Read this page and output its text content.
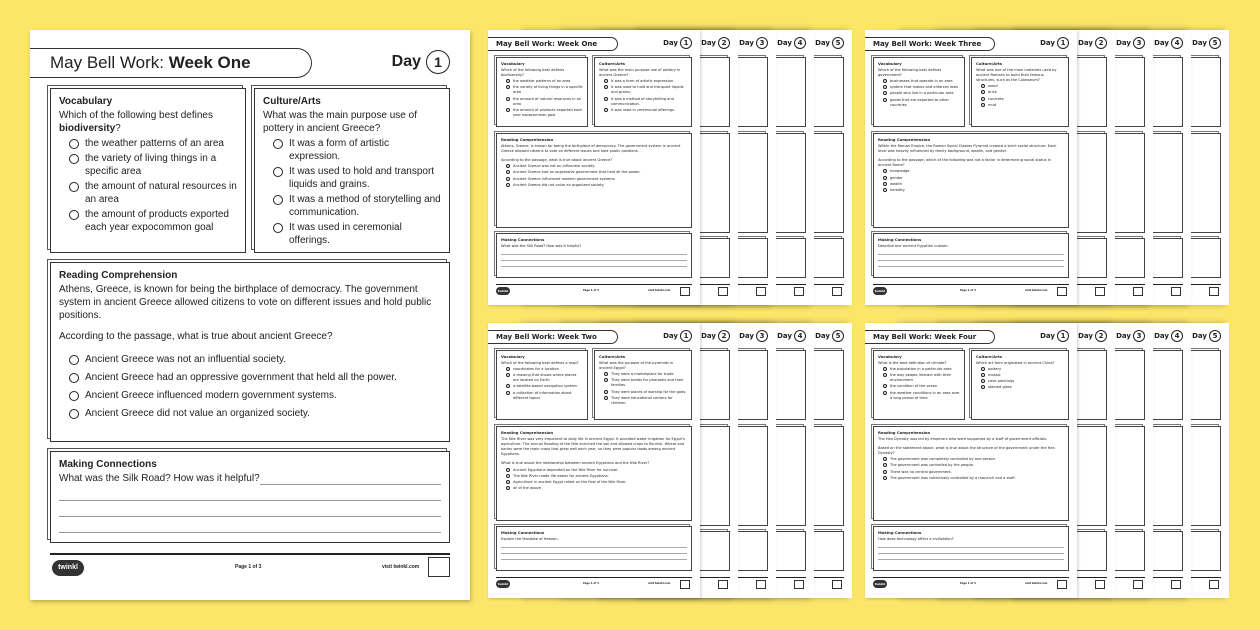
May Bell Work: Week One	Day 1
Vocabulary
Which of the following best defines
biodiversity?
the weather patterns of an area
the variety of living things in a specific area
the amount of natural resources in an area
the amount of products exported each year expocommon goal
Culture/Arts
What was the main purpose use of pottery in ancient Greece?
It was a form of artistic expression.
It was used to hold and transport liquids and grains.
It was a method of storytelling and communication.
It was used in ceremonial offerings.
Reading Comprehension

Athens, Greece, is known for being the birthplace of democracy. The government system in ancient Greece allowed citizens to vote on different issues and hold public positions.

According to the passage, what is true about ancient Greece?

Ancient Greece was not an influential society.
Ancient Greece had an oppressive government that held all the power.
Ancient Greece influenced modern government systems.
Ancient Greece did not value an organized society.
Making Connections
What was the Silk Road? How was it helpful?
twinkl	Page 1 of 3	visit twinkl.com
Day 5
Day 4
Day 3
Day 2
Day 1
May Bell Work: Week One
Vocabulary
Which of the following best defines biodiversity?
the weather patterns of an area
the variety of living things in a specific area
the amount of natural resources in an area
the amount of products exported each year expocommon goal
Culture/Arts
What was the main purpose use of pottery in ancient Greece?
It was a form of artistic expression.
It was used to hold and transport liquids and grains.
It was a method of storytelling and communication.
It was used in ceremonial offerings.
Reading Comprehension

Athens, Greece, is known for being the birthplace of democracy. The government system in ancient Greece allowed citizens to vote on different issues and hold public positions.

According to the passage, what is true about ancient Greece?

Ancient Greece was not an influential society.
Ancient Greece had an oppressive government that held all the power.
Ancient Greece influenced modern government systems.
Ancient Greece did not value an organized society.
Making Connections
What was the Silk Road? How was it helpful?
twinkl	Page 1 of 3	visit twinkl.com
Day 5
Day 4
Day 3
Day 2
Day 1
May Bell Work: Week Three
Vocabulary
Which of the following best defines government?
businesses that operate in an area
system that makes and enforces laws
people who live in a particular area
goods that are exported to other countries
Culture/Arts
What was one of the main materials used by ancient Romans to build their famous structures, such as the Colosseum?
wood
brick
concrete
mud
Reading Comprehension

Within the Roman Empire, the Roman Social Classes Pyramid created a strict social structure. Each level was heavily influenced by family background, wealth, and gender.

According to the passage, which of the following was not a factor in determining social status in ancient Rome?

knowledge
gender
wealth
heredity
Making Connections
Describe one ancient Egyptian custom.
twinkl	Page 1 of 3	visit twinkl.com
Day 5
Day 4
Day 3
Day 2
Day 1
May Bell Work: Week Two
Vocabulary
Which of the following best defines a map?
coordinates for a location
a drawing that shows where places are located on Earth
a satellite-based navigation system
a collection of information about different topics
Culture/Arts
What was the purpose of the pyramids in ancient Egypt?
They were a marketplace for trade.
They were tombs for pharaohs and their families.
They were places of worship for the gods.
They were educational centers for children.
Reading Comprehension

The Nile River was very important to daily life in ancient Egypt. It provided water irrigation for Egypt's agriculture. The annual flooding of the Nile enriched the soil and allowed crops to flourish. Wheat and barley were the main crops that grew well each year, so they were popular foods among ancient Egyptians.

What is true about the relationship between ancient Egyptians and the Nile River?

Ancient Egyptians depended on the Nile River for survival.
The Nile River made life easier for ancient Egyptians.
Agriculture in ancient Egypt relied on the flow of the Nile River.
all of the above
Making Connections
Explain the Mandate of Heaven.
twinkl	Page 1 of 3	visit twinkl.com
Day 5
Day 4
Day 3
Day 2
Day 1
May Bell Work: Week Four
Vocabulary
What is the best definition of climate?
the population in a particular area
the way people interact with their environment
the condition of the ocean
the weather conditions in an area over a long period of time
Culture/Arts
Which art form originated in ancient China?
pottery
mosaic
cave paintings
stained glass
Reading Comprehension

The Han Dynasty was led by emperors who were supported by a staff of government officials.

Based on the statement above, what is true about the structure of the government under the Han Dynasty?

The government was completely controlled by one person.
The government was controlled by the people.
There was no central government.
The government was collectively controlled by a monarch and a staff.
Making Connections
How does technology affect a civilization?
twinkl	Page 1 of 3	visit twinkl.com
